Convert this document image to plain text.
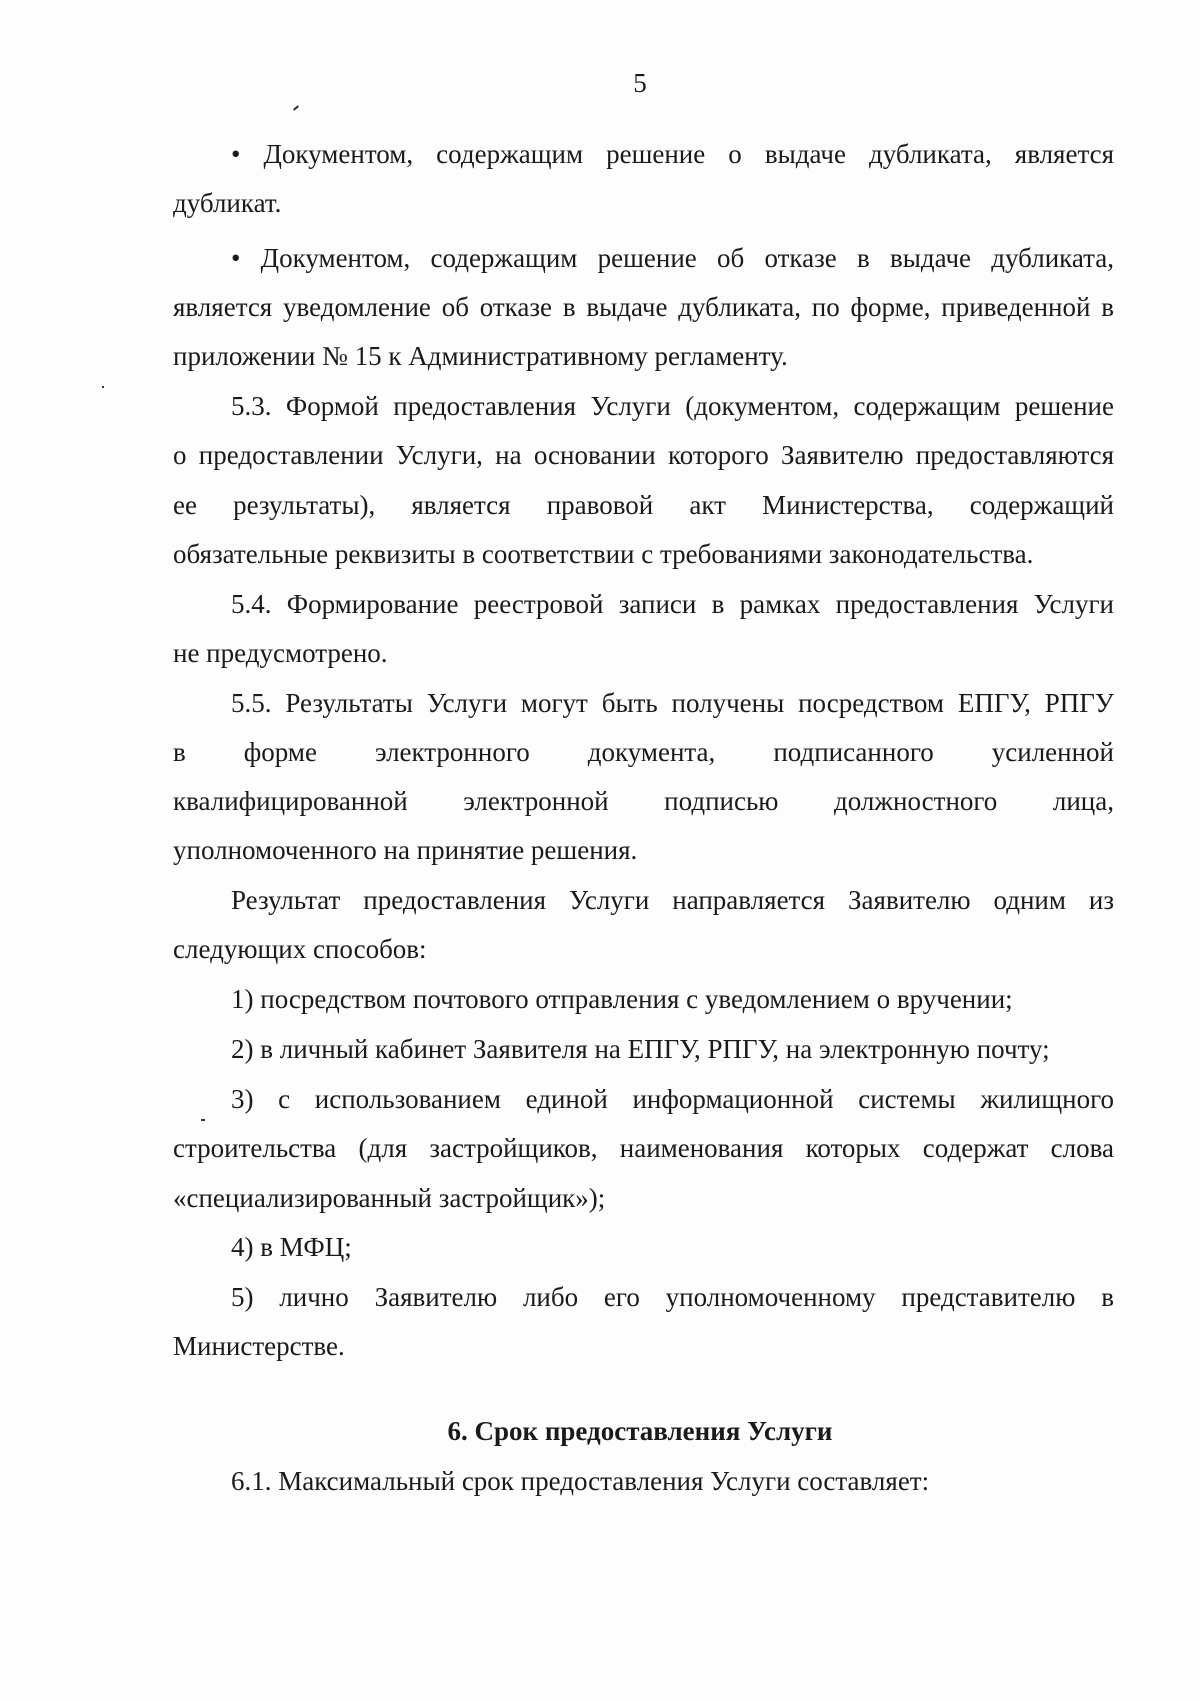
5

• Документом, содержащим решение о выдаче дубликата, является

дубликат.

• Документом, содержащим решение об отказе в выдаче дубликата,

является уведомление об отказе в выдаче дубликата, по форме, приведенной в

приложении № 15 к Административному регламенту.

5.3. Формой предоставления Услуги (документом, содержащим решение

о предоставлении Услуги, на основании которого Заявителю предоставляются

ее результаты), является правовой акт Министерства, содержащий

обязательные реквизиты в соответствии с требованиями законодательства.

5.4. Формирование реестровой записи в рамках предоставления Услуги

не предусмотрено.

5.5. Результаты Услуги могут быть получены посредством ЕПГУ, РПГУ

в форме электронного документа, подписанного усиленной

квалифицированной электронной подписью должностного лица,

уполномоченного на принятие решения.

Результат предоставления Услуги направляется Заявителю одним из

следующих способов:

1) посредством почтового отправления с уведомлением о вручении;

2) в личный кабинет Заявителя на ЕПГУ, РПГУ, на электронную почту;

3) с использованием единой информационной системы жилищного

строительства (для застройщиков, наименования которых содержат слова

«специализированный застройщик»);

4) в МФЦ;

5) лично Заявителю либо его уполномоченному представителю в

Министерстве.

6. Срок предоставления Услуги

6.1. Максимальный срок предоставления Услуги составляет:
